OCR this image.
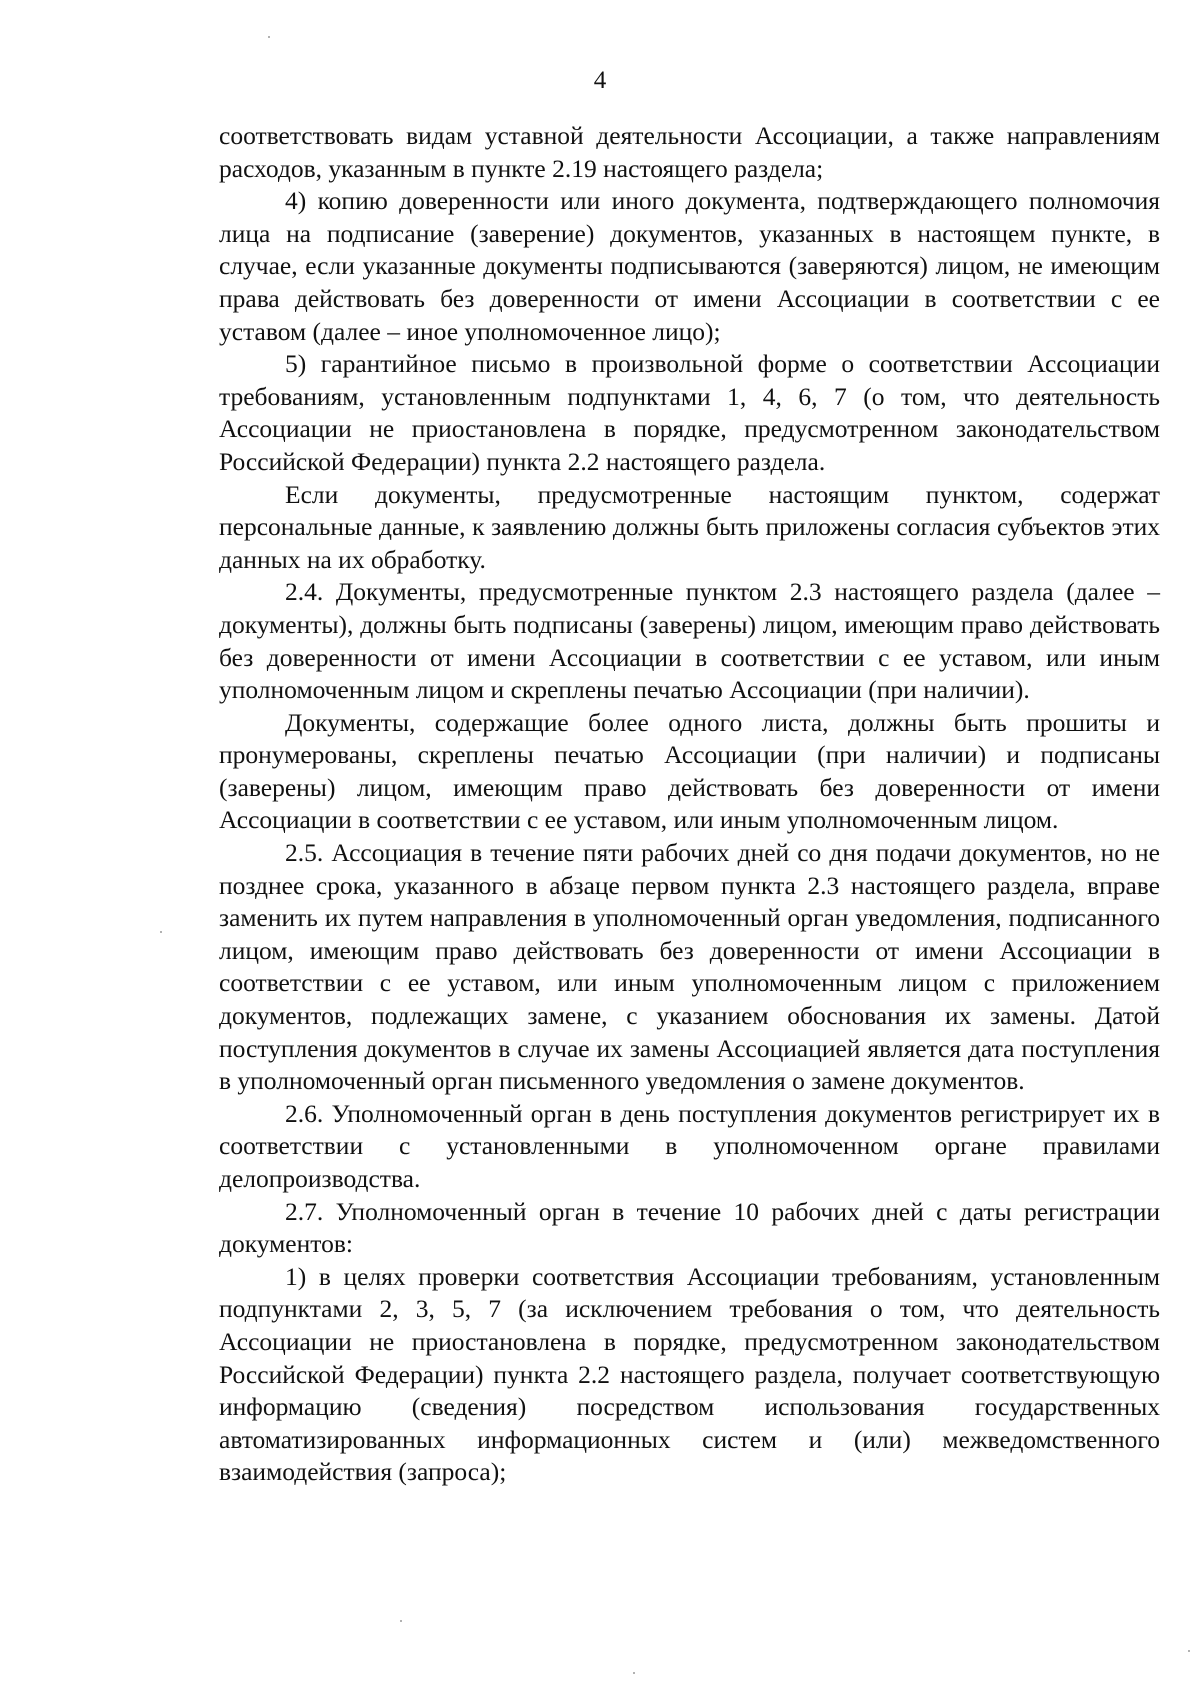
4

соответствовать видам уставной деятельности Ассоциации, а также направлениям расходов, указанным в пункте 2.19 настоящего раздела;

4) копию доверенности или иного документа, подтверждающего полномочия лица на подписание (заверение) документов, указанных в настоящем пункте, в случае, если указанные документы подписываются (заверяются) лицом, не имеющим права действовать без доверенности от имени Ассоциации в соответствии с ее уставом (далее – иное уполномоченное лицо);

5) гарантийное письмо в произвольной форме о соответствии Ассоциации требованиям, установленным подпунктами 1, 4, 6, 7 (о том, что деятельность Ассоциации не приостановлена в порядке, предусмотренном законодательством Российской Федерации) пункта 2.2 настоящего раздела.

Если документы, предусмотренные настоящим пунктом, содержат персональные данные, к заявлению должны быть приложены согласия субъектов этих данных на их обработку.

2.4. Документы, предусмотренные пунктом 2.3 настоящего раздела (далее – документы), должны быть подписаны (заверены) лицом, имеющим право действовать без доверенности от имени Ассоциации в соответствии с ее уставом, или иным уполномоченным лицом и скреплены печатью Ассоциации (при наличии).

Документы, содержащие более одного листа, должны быть прошиты и пронумерованы, скреплены печатью Ассоциации (при наличии) и подписаны (заверены) лицом, имеющим право действовать без доверенности от имени Ассоциации в соответствии с ее уставом, или иным уполномоченным лицом.

2.5. Ассоциация в течение пяти рабочих дней со дня подачи документов, но не позднее срока, указанного в абзаце первом пункта 2.3 настоящего раздела, вправе заменить их путем направления в уполномоченный орган уведомления, подписанного лицом, имеющим право действовать без доверенности от имени Ассоциации в соответствии с ее уставом, или иным уполномоченным лицом с приложением документов, подлежащих замене, с указанием обоснования их замены. Датой поступления документов в случае их замены Ассоциацией является дата поступления в уполномоченный орган письменного уведомления о замене документов.

2.6. Уполномоченный орган в день поступления документов регистрирует их в соответствии с установленными в уполномоченном органе правилами делопроизводства.

2.7. Уполномоченный орган в течение 10 рабочих дней с даты регистрации документов:

1) в целях проверки соответствия Ассоциации требованиям, установленным подпунктами 2, 3, 5, 7 (за исключением требования о том, что деятельность Ассоциации не приостановлена в порядке, предусмотренном законодательством Российской Федерации) пункта 2.2 настоящего раздела, получает соответствующую информацию (сведения) посредством использования государственных автоматизированных информационных систем и (или) межведомственного взаимодействия (запроса);
